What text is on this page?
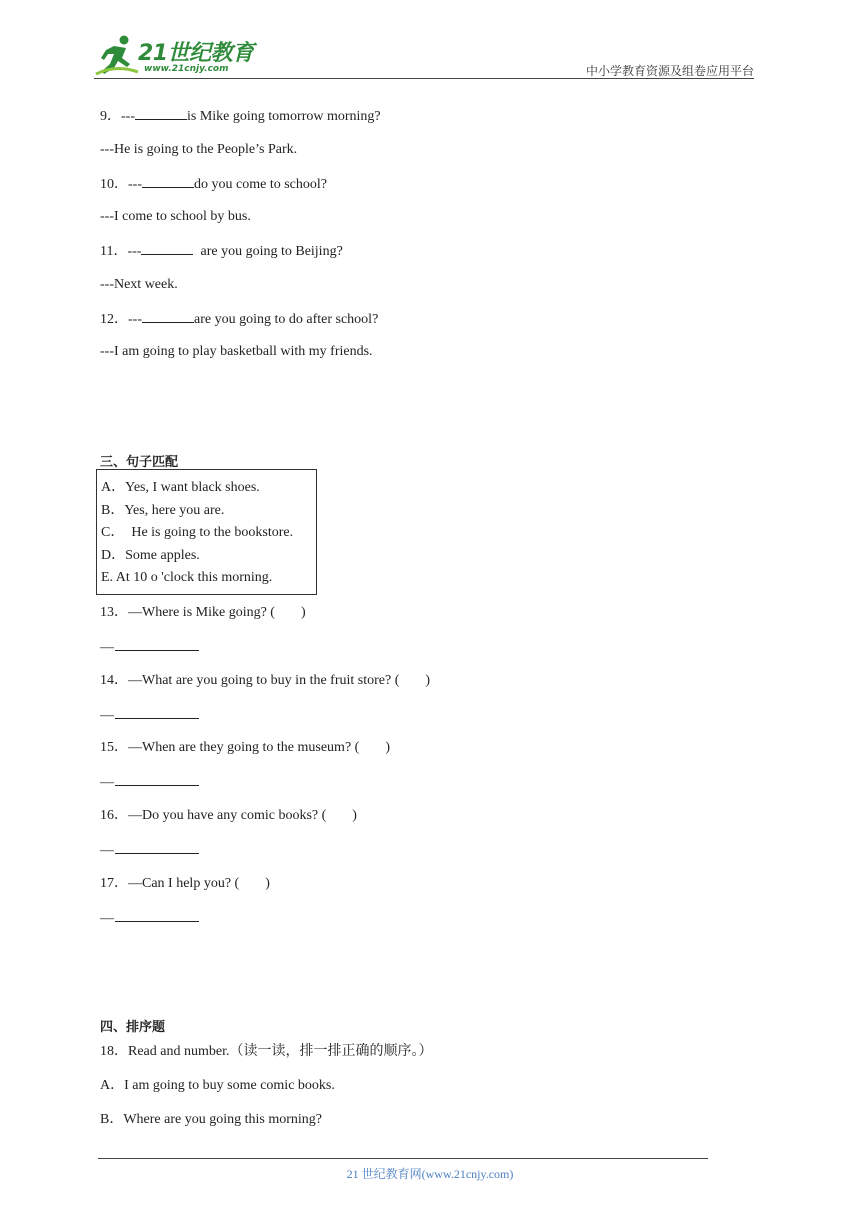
21世纪教育
www.21cnjy.com	中小学教育资源及组卷应用平台
9．---	is Mike going tomorrow morning?
---He is going to the People’s Park.
10．---	do you come to school?
---I come to school by bus.
11．---	are you going to Beijing?
---Next week.
12．---	are you going to do after school?
---I am going to play basketball with my friends.
三、句子匹配
A．Yes, I want black shoes.
B．Yes, here you are.
C．  He is going to the bookstore.
D．Some apples.
E. At 10 o 'clock this morning.
13．—Where is Mike going? ( )
—
14．—What are you going to buy in the fruit store? ( )
—
15．—When are they going to the museum? ( )
—
16．—Do you have any comic books? ( )
—
17．—Can I help you? ( )
—
四、排序题
18．Read and number.（读一读，排一排正确的顺序。）
A．I am going to buy some comic books.
B．Where are you going this morning?
21 世纪教育网(www.21cnjy.com)
